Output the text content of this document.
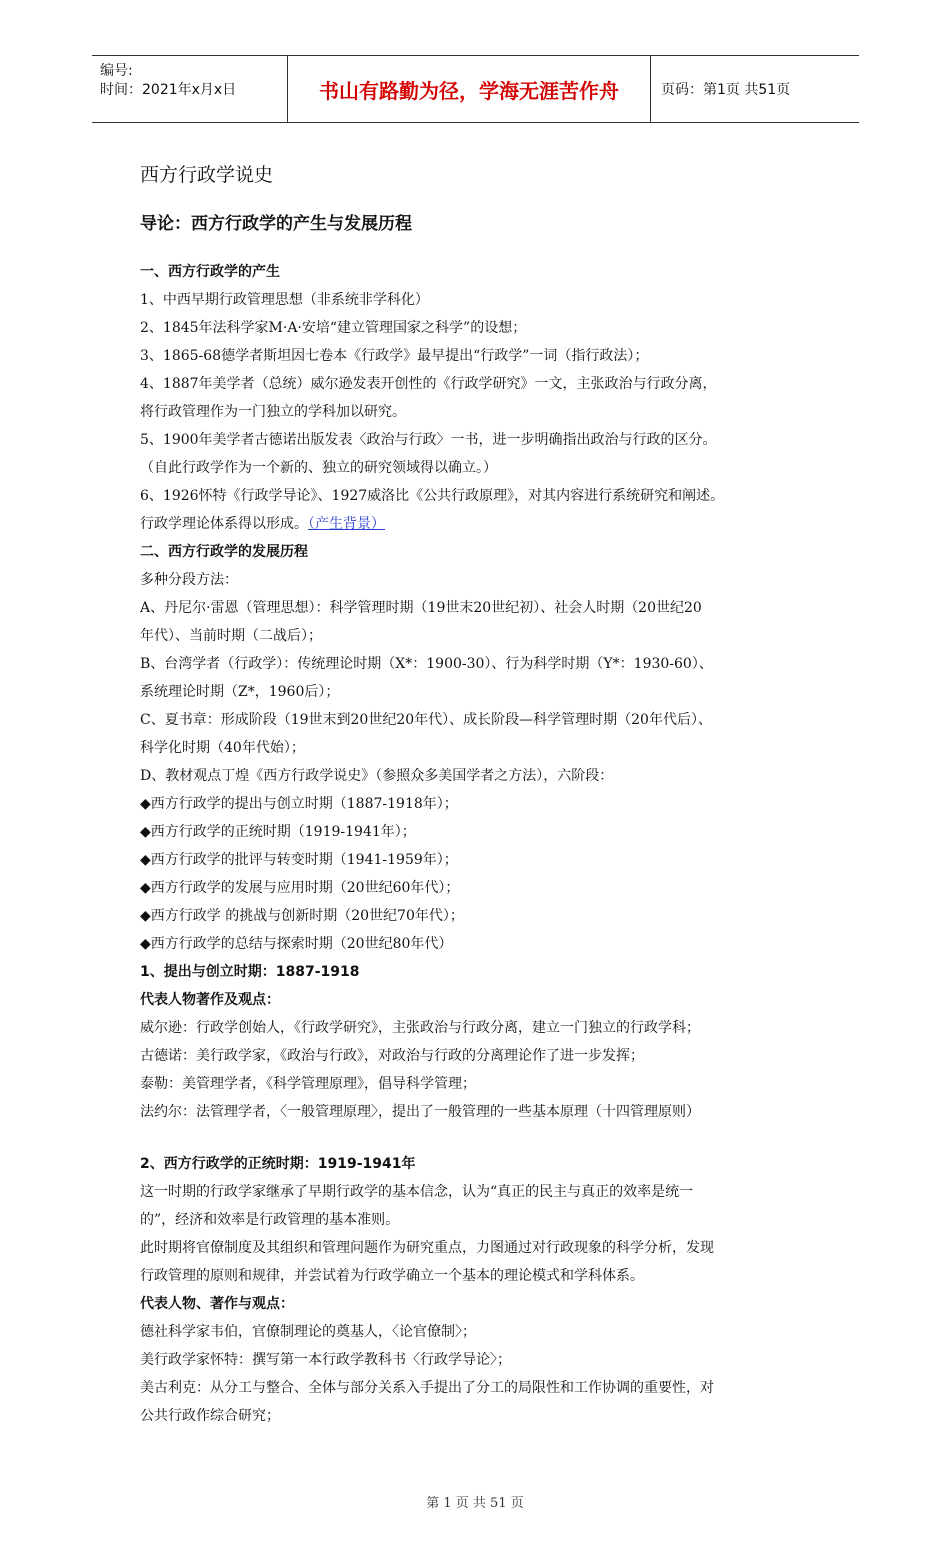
编号:
时间：2021年x月x日	书山有路勤为径，学海无涯苦作舟	页码：第1页 共51页
西方行政学说史
导论：西方行政学的产生与发展历程
一、西方行政学的产生
1、中西早期行政管理思想（非系统非学科化）
2、1845年法科学家M·A·安培“建立管理国家之科学”的设想；
3、1865-68德学者斯坦因七卷本《行政学》最早提出“行政学”一词（指行政法）；
4、1887年美学者（总统）威尔逊发表开创性的《行政学研究》一文，主张政治与行政分离，
将行政管理作为一门独立的学科加以研究。
5、1900年美学者古德诺出版发表〈政治与行政〉一书，进一步明确指出政治与行政的区分。
（自此行政学作为一个新的、独立的研究领域得以确立。）
6、1926怀特《行政学导论》、1927威洛比《公共行政原理》，对其内容进行系统研究和阐述。
行政学理论体系得以形成。（产生背景）
二、西方行政学的发展历程
多种分段方法：
A、丹尼尔·雷恩（管理思想）：科学管理时期（19世末20世纪初）、社会人时期（20世纪20
年代）、当前时期（二战后）；
B、台湾学者（行政学）：传统理论时期（X*：1900-30）、行为科学时期（Y*：1930-60）、
系统理论时期（Z*，1960后）；
C、夏书章：形成阶段（19世末到20世纪20年代）、成长阶段—科学管理时期（20年代后）、
科学化时期（40年代始）；
D、教材观点丁煌《西方行政学说史》（参照众多美国学者之方法），六阶段：
◆西方行政学的提出与创立时期（1887-1918年）；
◆西方行政学的正统时期（1919-1941年）；
◆西方行政学的批评与转变时期（1941-1959年）；
◆西方行政学的发展与应用时期（20世纪60年代）；
◆西方行政学 的挑战与创新时期（20世纪70年代）；
◆西方行政学的总结与探索时期（20世纪80年代）
1、提出与创立时期：1887-1918
代表人物著作及观点：
威尔逊：行政学创始人，《行政学研究》，主张政治与行政分离，建立一门独立的行政学科；
古德诺：美行政学家，《政治与行政》，对政治与行政的分离理论作了进一步发挥；
泰勒：美管理学者，《科学管理原理》，倡导科学管理；
法约尔：法管理学者，〈一般管理原理〉，提出了一般管理的一些基本原理（十四管理原则）
2、西方行政学的正统时期：1919-1941年
这一时期的行政学家继承了早期行政学的基本信念，认为“真正的民主与真正的效率是统一
的”，经济和效率是行政管理的基本准则。
此时期将官僚制度及其组织和管理问题作为研究重点，力图通过对行政现象的科学分析，发现
行政管理的原则和规律，并尝试着为行政学确立一个基本的理论模式和学科体系。
代表人物、著作与观点：
德社科学家韦伯，官僚制理论的奠基人，〈论官僚制〉；
美行政学家怀特：撰写第一本行政学教科书〈行政学导论〉；
美古利克：从分工与整合、全体与部分关系入手提出了分工的局限性和工作协调的重要性，对
公共行政作综合研究；
第 1 页 共 51 页
